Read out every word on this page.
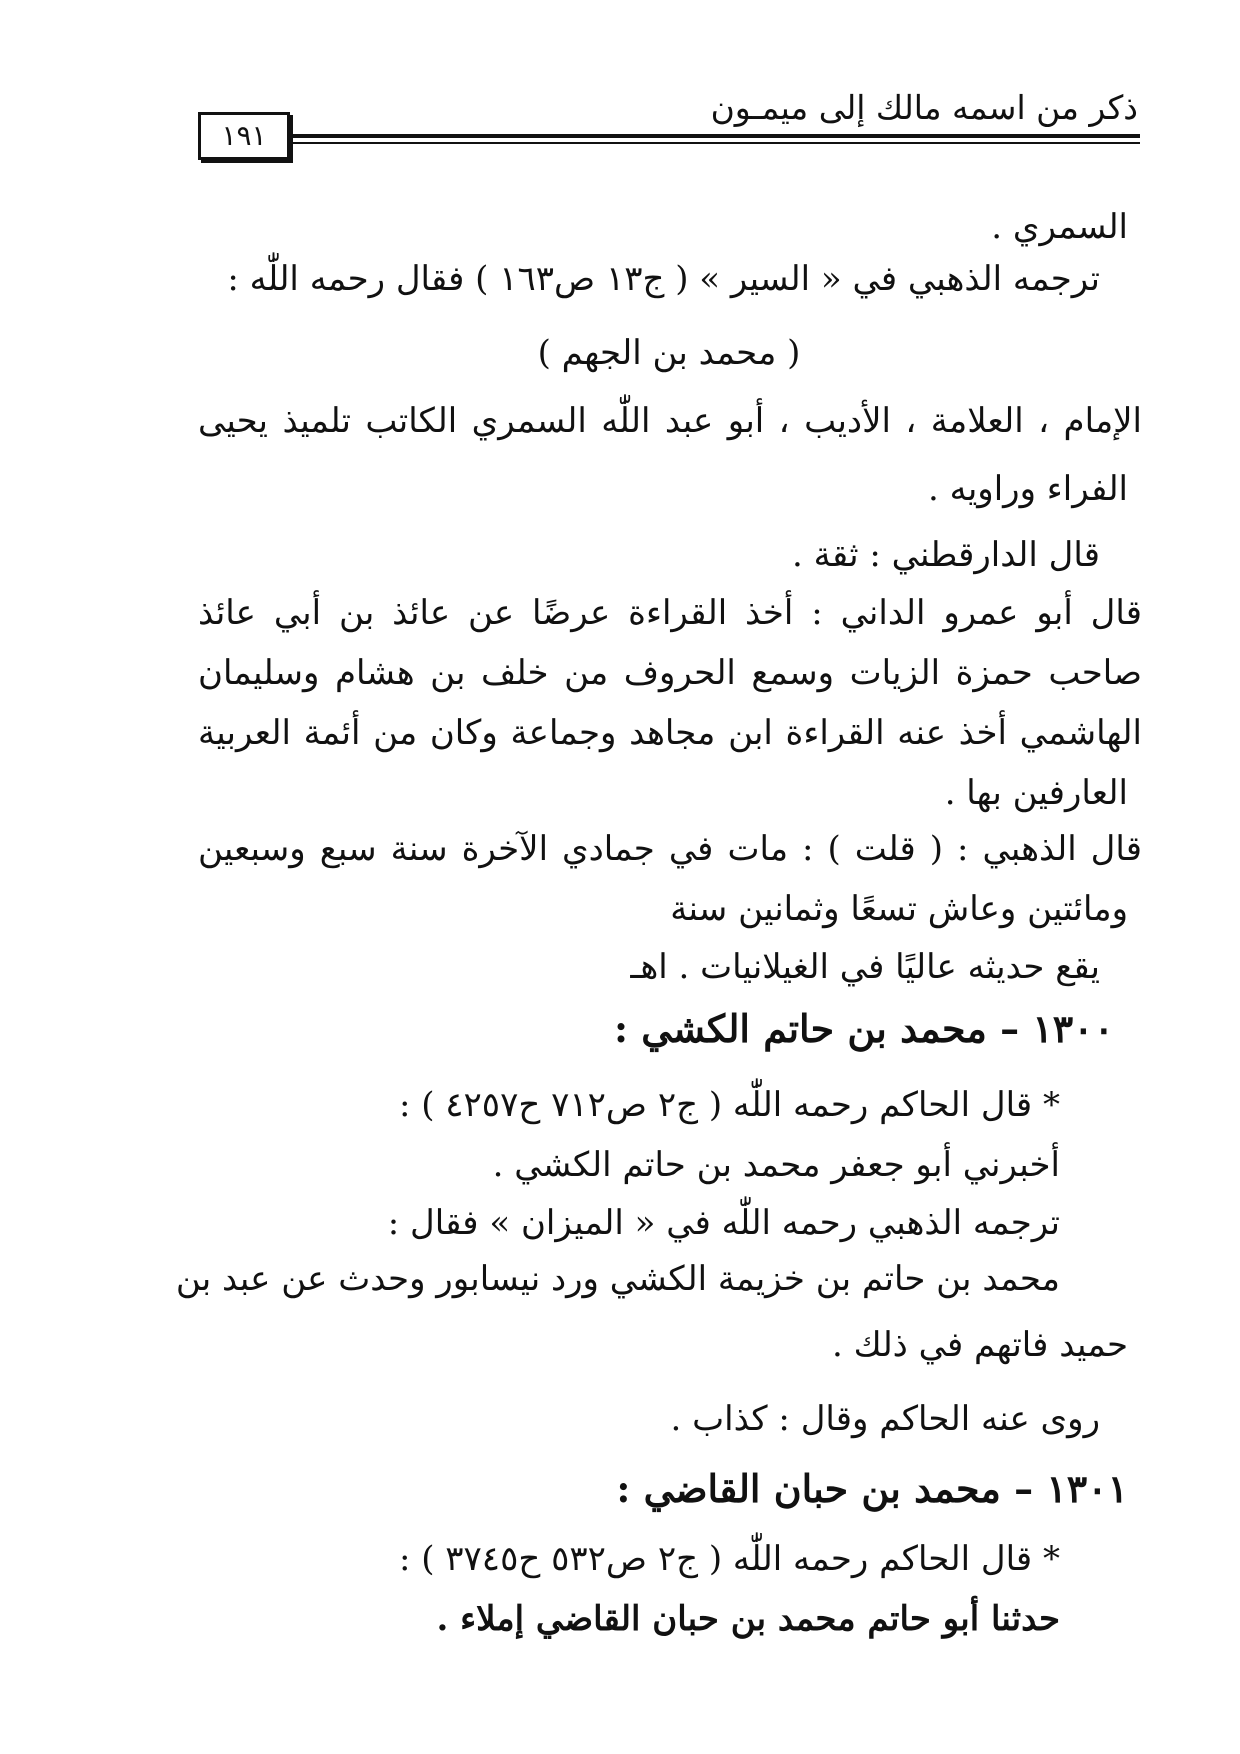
ذكر من اسمه مالك إلى ميمـون
١٩١

السمري .

ترجمه الذهبي في « السير » ( ج١٣ ص١٦٣ ) فقال رحمه اللّٰه :

( محمد بن الجهم )

الإمام ، العلامة ، الأديب ، أبو عبد اللّٰه السمري الكاتب تلميذ يحيى

الفراء وراويه .

قال الدارقطني : ثقة .

قال أبو عمرو الداني : أخذ القراءة عرضًا عن عائذ بن أبي عائذ

صاحب حمزة الزيات وسمع الحروف من خلف بن هشام وسليمان

الهاشمي أخذ عنه القراءة ابن مجاهد وجماعة وكان من أئمة العربية

العارفين بها .

قال الذهبي : ( قلت ) : مات في جمادي الآخرة سنة سبع وسبعين

ومائتين وعاش تسعًا وثمانين سنة

يقع حديثه عاليًا في الغيلانيات . اهـ

١٣٠٠ – محمد بن حاتم الكشي :

* قال الحاكم رحمه اللّٰه ( ج٢ ص٧١٢ ح٤٢٥٧ ) :

أخبرني أبو جعفر محمد بن حاتم الكشي .

ترجمه الذهبي رحمه اللّٰه في « الميزان » فقال :

محمد بن حاتم بن خزيمة الكشي ورد نيسابور وحدث عن عبد بن

حميد فاتهم في ذلك .

روى عنه الحاكم وقال : كذاب .

١٣٠١ – محمد بن حبان القاضي :

* قال الحاكم رحمه اللّٰه ( ج٢ ص٥٣٢ ح٣٧٤٥ ) :

حدثنا أبو حاتم محمد بن حبان القاضي إملاء .
